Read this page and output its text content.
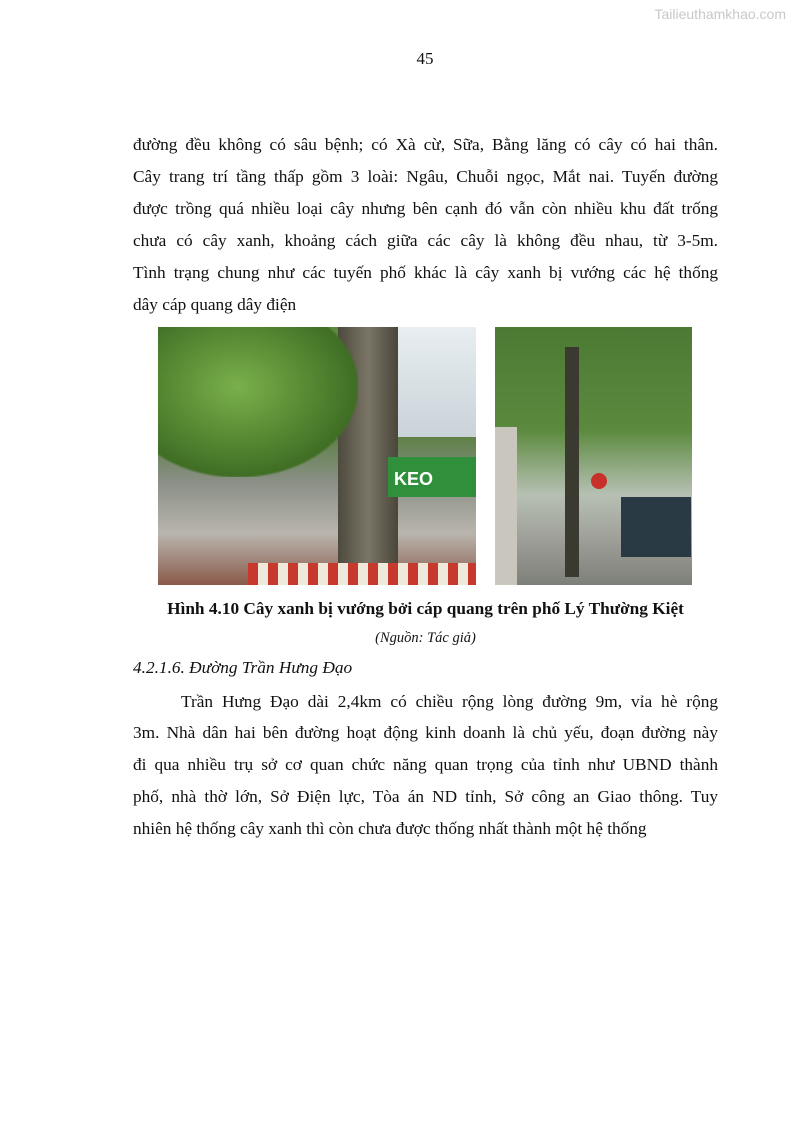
Tailieuthamkhao.com
45
đường đều không có sâu bệnh; có Xà cừ, Sữa, Bằng lăng có cây có hai thân.
Cây trang trí tầng thấp gồm 3 loài: Ngâu, Chuỗi ngọc, Mắt nai. Tuyến đường
được trồng quá nhiều loại cây nhưng bên cạnh đó vẫn còn nhiều khu đất trống
chưa có cây xanh, khoảng cách giữa các cây là không đều nhau, từ 3-5m.
Tình trạng chung như các tuyến phố khác là cây xanh bị vướng các hệ thống
dây cáp quang dây điện
KEO
Hình 4.10 Cây xanh bị vướng bởi cáp quang trên phố Lý Thường Kiệt
(Nguồn: Tác giả)
4.2.1.6. Đường Trần Hưng Đạo
Trần Hưng Đạo dài 2,4km có chiều rộng lòng đường 9m, vỉa hè rộng
3m. Nhà dân hai bên đường hoạt động kinh doanh là chủ yếu, đoạn đường này
đi qua nhiều trụ sở cơ quan chức năng quan trọng của tỉnh như UBND thành
phố, nhà thờ lớn, Sở Điện lực, Tòa án ND tỉnh, Sở công an Giao thông. Tuy
nhiên hệ thống cây xanh thì còn chưa được thống nhất thành một hệ thống
